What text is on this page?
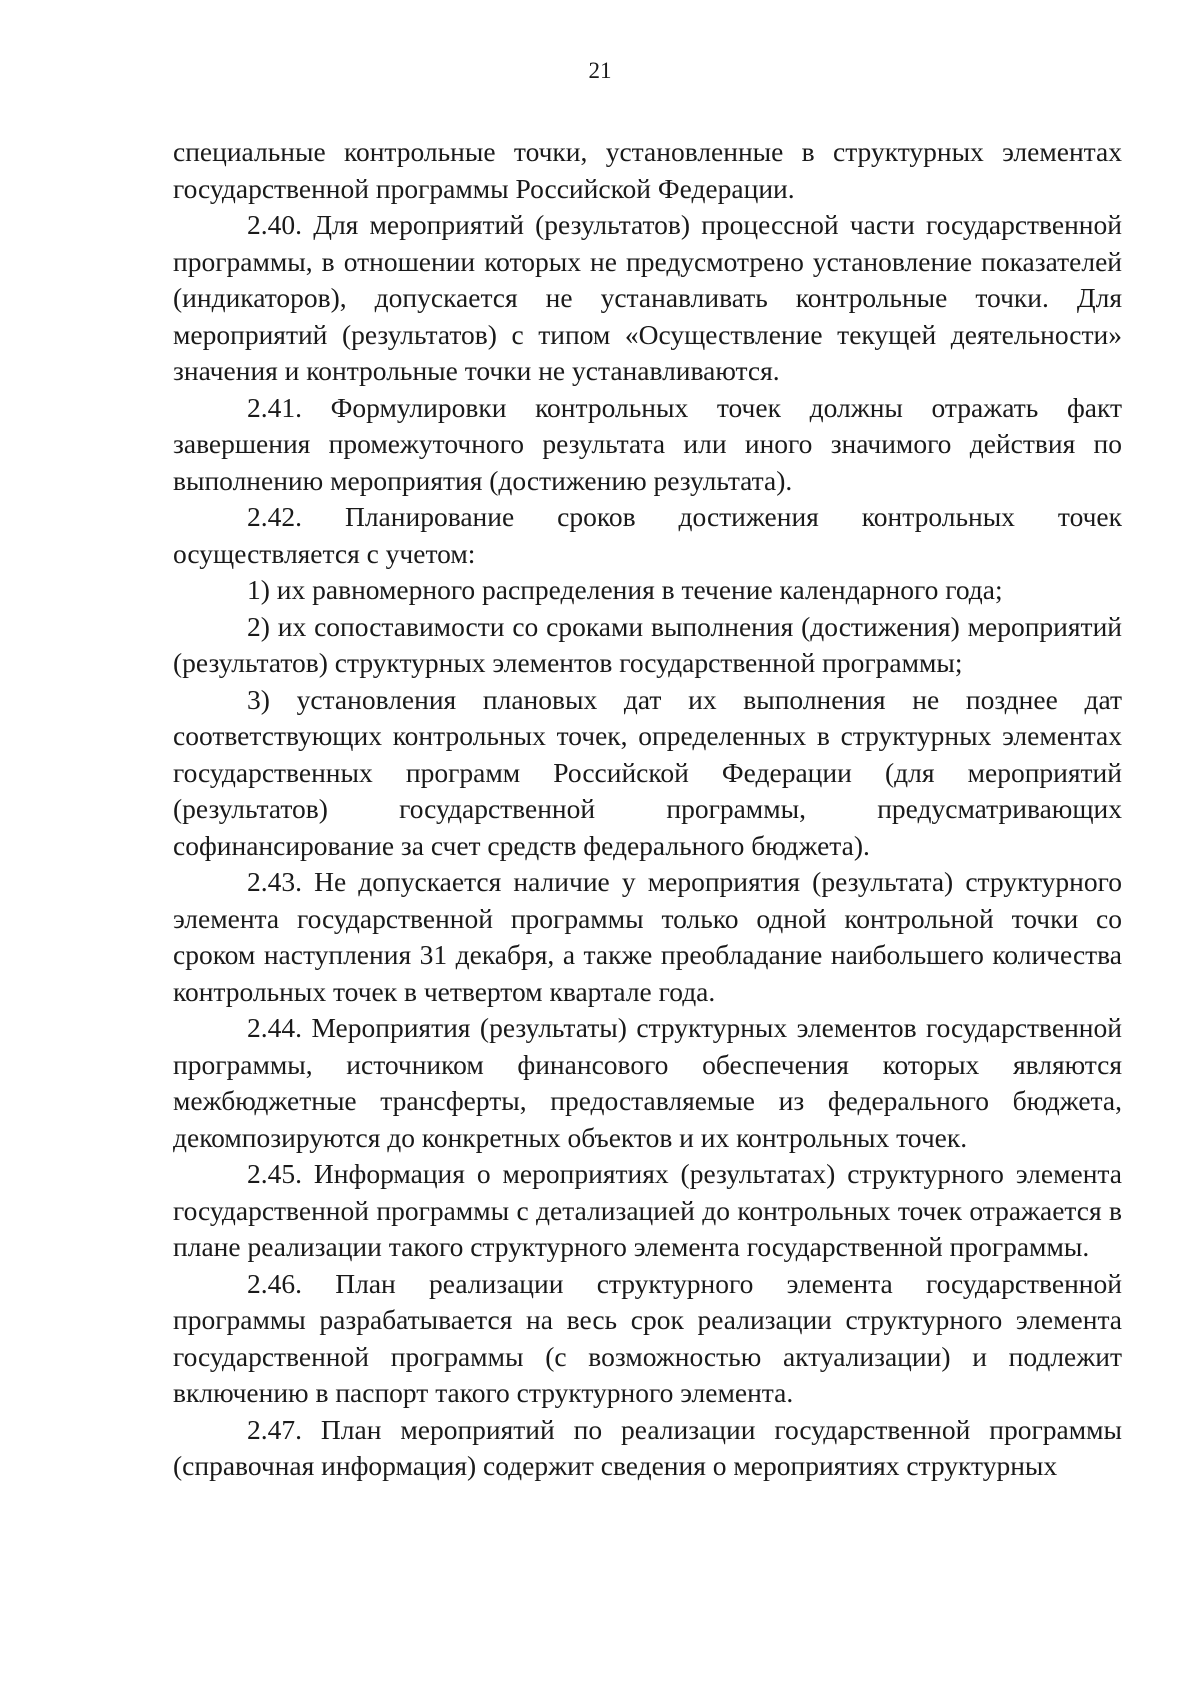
21

специальные контрольные точки, установленные в структурных элементах государственной программы Российской Федерации.

2.40. Для мероприятий (результатов) процессной части государственной программы, в отношении которых не предусмотрено установление показателей (индикаторов), допускается не устанавливать контрольные точки. Для мероприятий (результатов) с типом «Осуществление текущей деятельности» значения и контрольные точки не устанавливаются.

2.41. Формулировки контрольных точек должны отражать факт завершения промежуточного результата или иного значимого действия по выполнению мероприятия (достижению результата).

2.42. Планирование сроков достижения контрольных точек осуществляется с учетом:

1) их равномерного распределения в течение календарного года;

2) их сопоставимости со сроками выполнения (достижения) мероприятий (результатов) структурных элементов государственной программы;

3) установления плановых дат их выполнения не позднее дат соответствующих контрольных точек, определенных в структурных элементах государственных программ Российской Федерации (для мероприятий (результатов) государственной программы, предусматривающих софинансирование за счет средств федерального бюджета).

2.43. Не допускается наличие у мероприятия (результата) структурного элемента государственной программы только одной контрольной точки со сроком наступления 31 декабря, а также преобладание наибольшего количества контрольных точек в четвертом квартале года.

2.44. Мероприятия (результаты) структурных элементов государственной программы, источником финансового обеспечения которых являются межбюджетные трансферты, предоставляемые из федерального бюджета, декомпозируются до конкретных объектов и их контрольных точек.

2.45. Информация о мероприятиях (результатах) структурного элемента государственной программы с детализацией до контрольных точек отражается в плане реализации такого структурного элемента государственной программы.

2.46. План реализации структурного элемента государственной программы разрабатывается на весь срок реализации структурного элемента государственной программы (с возможностью актуализации) и подлежит включению в паспорт такого структурного элемента.

2.47. План мероприятий по реализации государственной программы (справочная информация) содержит сведения о мероприятиях структурных
